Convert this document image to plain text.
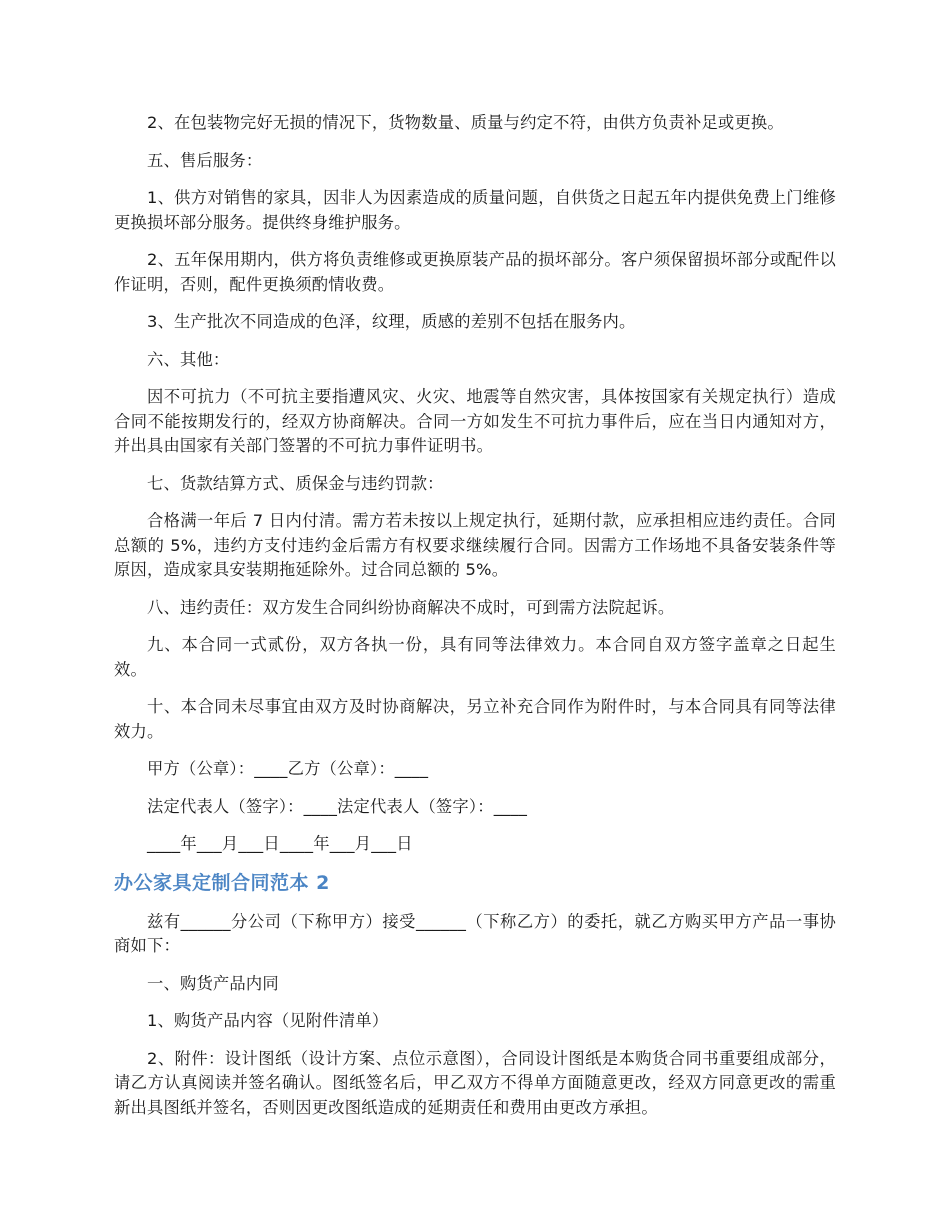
2、在包装物完好无损的情况下，货物数量、质量与约定不符，由供方负责补足或更换。

五、售后服务：

1、供方对销售的家具，因非人为因素造成的质量问题，自供货之日起五年内提供免费上门维修更换损坏部分服务。提供终身维护服务。

2、五年保用期内，供方将负责维修或更换原装产品的损坏部分。客户须保留损坏部分或配件以作证明，否则，配件更换须酌情收费。

3、生产批次不同造成的色泽，纹理，质感的差别不包括在服务内。

六、其他：

因不可抗力（不可抗主要指遭风灾、火灾、地震等自然灾害，具体按国家有关规定执行）造成合同不能按期发行的，经双方协商解决。合同一方如发生不可抗力事件后，应在当日内通知对方，并出具由国家有关部门签署的不可抗力事件证明书。

七、货款结算方式、质保金与违约罚款：

合格满一年后 7 日内付清。需方若未按以上规定执行，延期付款，应承担相应违约责任。合同总额的 5%，违约方支付违约金后需方有权要求继续履行合同。因需方工作场地不具备安装条件等原因，造成家具安装期拖延除外。过合同总额的 5%。

八、违约责任：双方发生合同纠纷协商解决不成时，可到需方法院起诉。

九、本合同一式贰份，双方各执一份，具有同等法律效力。本合同自双方签字盖章之日起生效。

十、本合同未尽事宜由双方及时协商解决，另立补充合同作为附件时，与本合同具有同等法律效力。

甲方（公章）：____乙方（公章）：____

法定代表人（签字）：____法定代表人（签字）：____

____年___月___日____年___月___日

办公家具定制合同范本 2

兹有______分公司（下称甲方）接受______（下称乙方）的委托，就乙方购买甲方产品一事协商如下：

一、购货产品内同

1、购货产品内容（见附件清单）

2、附件：设计图纸（设计方案、点位示意图），合同设计图纸是本购货合同书重要组成部分，请乙方认真阅读并签名确认。图纸签名后，甲乙双方不得单方面随意更改，经双方同意更改的需重新出具图纸并签名，否则因更改图纸造成的延期责任和费用由更改方承担。
